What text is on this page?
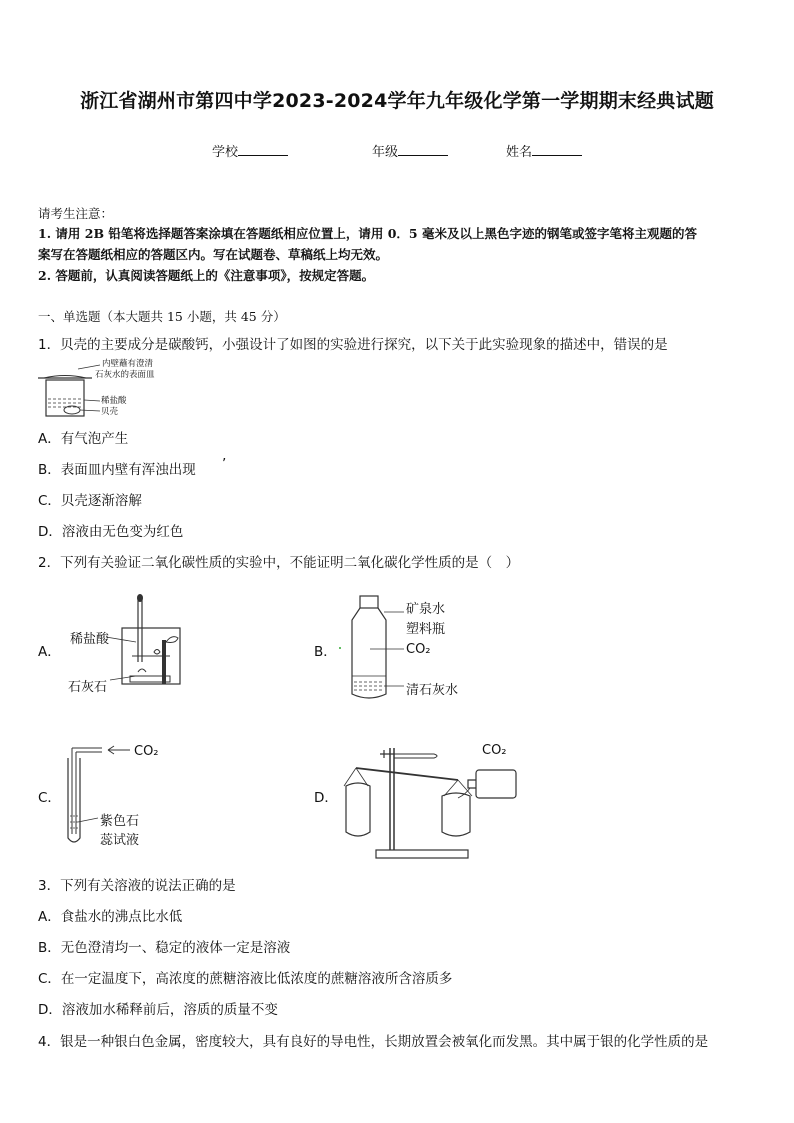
浙江省湖州市第四中学2023-2024学年九年级化学第一学期期末经典试题
学校	年级	姓名
请考生注意：
1. 请用 2B 铅笔将选择题答案涂填在答题纸相应位置上，请用 0．5 毫米及以上黑色字迹的钢笔或签字笔将主观题的答
案写在答题纸相应的答题区内。写在试题卷、草稿纸上均无效。
2. 答题前，认真阅读答题纸上的《注意事项》，按规定答题。
一、单选题（本大题共 15 小题，共 45 分）
1．贝壳的主要成分是碳酸钙，小强设计了如图的实验进行探究，以下关于此实验现象的描述中，错误的是
内壁蘸有澄清
石灰水的表面皿
稀盐酸
贝壳
A．有气泡产生
B．表面皿内壁有浑浊出现 ’
C．贝壳逐渐溶解
D．溶液由无色变为红色
2．下列有关验证二氧化碳性质的实验中，不能证明二氧化碳化学性质的是（　）
A．
稀盐酸
石灰石
B．
矿泉水
塑料瓶
CO₂
清石灰水
C．
CO₂
紫色石
蕊试液
D．
CO₂
3．下列有关溶液的说法正确的是
A．食盐水的沸点比水低
B．无色澄清均一、稳定的液体一定是溶液
C．在一定温度下，高浓度的蔗糖溶液比低浓度的蔗糖溶液所含溶质多
D．溶液加水稀释前后，溶质的质量不变
4．银是一种银白色金属，密度较大，具有良好的导电性，长期放置会被氧化而发黑。其中属于银的化学性质的是
